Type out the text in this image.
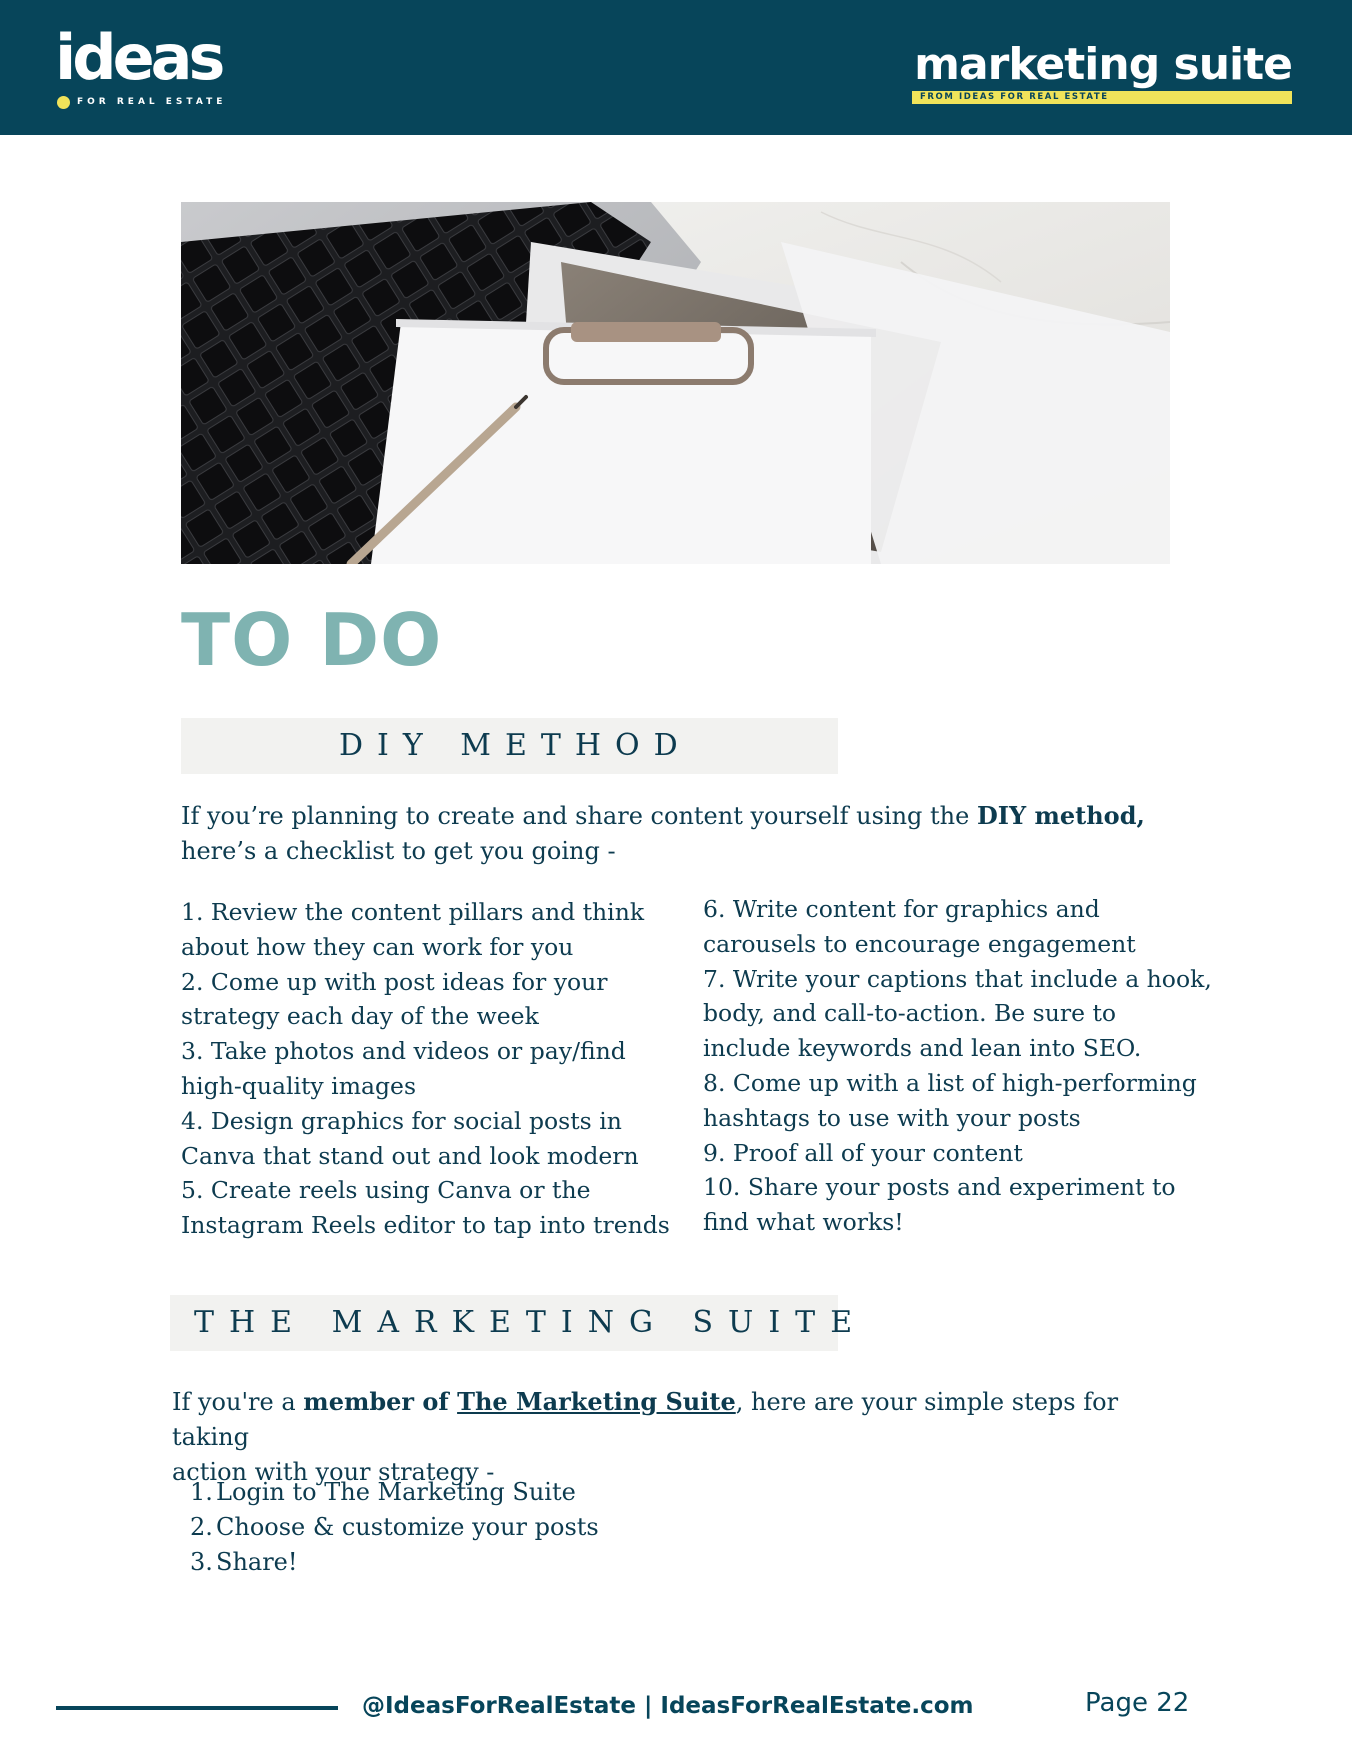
ideas
FOR REAL ESTATE
marketing suite
FROM IDEAS FOR REAL ESTATE
TO DO
DIY METHOD
If you’re planning to create and share content yourself using the DIY method,
here’s a checklist to get you going -
1. Review the content pillars and think
about how they can work for you
2. Come up with post ideas for your
strategy each day of the week
3. Take photos and videos or pay/find
high-quality images
4. Design graphics for social posts in
Canva that stand out and look modern
5. Create reels using Canva or the
Instagram Reels editor to tap into trends
6. Write content for graphics and
carousels to encourage engagement
7. Write your captions that include a hook,
body, and call-to-action. Be sure to
include keywords and lean into SEO.
8. Come up with a list of high-performing
hashtags to use with your posts
9. Proof all of your content
10. Share your posts and experiment to
find what works!
THE MARKETING SUITE
If you're a member of The Marketing Suite, here are your simple steps for taking
action with your strategy -
1. Login to The Marketing Suite
2. Choose & customize your posts
3. Share!
@IdeasForRealEstate | IdeasForRealEstate.com	Page 22
